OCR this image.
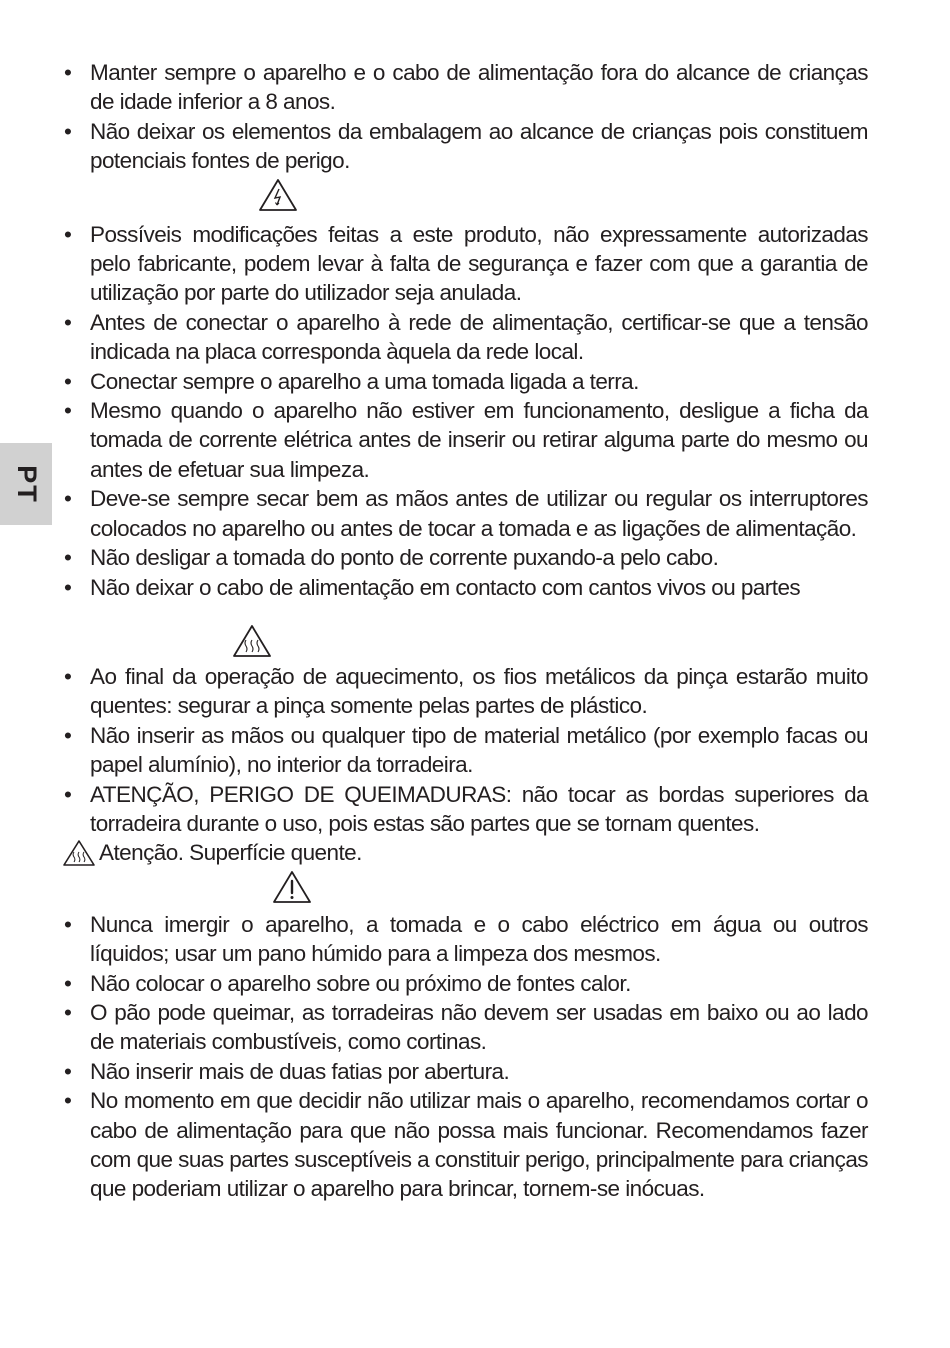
PT
• Manter sempre o aparelho e o cabo de alimentação fora do alcance de crianças de idade inferior a 8 anos.
• Não deixar os elementos da embalagem ao alcance de crianças pois constituem potenciais fontes de perigo.
• Possíveis modificações feitas a este produto, não expressamente autorizadas pelo fabricante, podem levar à falta de segurança e fazer com que a garantia de utilização por parte do utilizador seja anulada.
• Antes de conectar o aparelho à rede de alimentação, certificar-se que a tensão indicada na placa corresponda àquela da rede local.
• Conectar sempre o aparelho a uma tomada ligada a terra.
• Mesmo quando o aparelho não estiver em funcionamento, desligue a ficha da tomada de corrente elétrica antes de inserir ou retirar alguma parte do mesmo ou antes de efetuar sua limpeza.
• Deve-se sempre secar bem as mãos antes de utilizar ou regular os interruptores colocados no aparelho ou antes de tocar a tomada e as ligações de alimentação.
• Não desligar a tomada do ponto de corrente puxando-a pelo cabo.
• Não deixar o cabo de alimentação em contacto com cantos vivos ou partes
• Ao final da operação de aquecimento, os fios metálicos da pinça estarão muito quentes: segurar a pinça somente pelas partes de plástico.
• Não inserir as mãos ou qualquer tipo de material metálico (por exemplo facas ou papel alumínio), no interior da torradeira.
• ATENÇÃO, PERIGO DE QUEIMADURAS: não tocar as bordas superiores da torradeira durante o uso, pois estas são partes que se tornam quentes.
Atenção. Superfície quente.
• Nunca imergir o aparelho, a tomada e o cabo eléctrico em água ou outros líquidos; usar um pano húmido para a limpeza dos mesmos.
• Não colocar o aparelho sobre ou próximo de fontes calor.
• O pão pode queimar, as torradeiras não devem ser usadas em baixo ou ao lado de materiais combustíveis, como cortinas.
• Não inserir mais de duas fatias por abertura.
• No momento em que decidir não utilizar mais o aparelho, recomendamos cortar o cabo de alimentação para que não possa mais funcionar. Recomendamos fazer com que suas partes susceptíveis a constituir perigo, principalmente para crianças que poderiam utilizar o aparelho para brincar, tornem-se inócuas.
